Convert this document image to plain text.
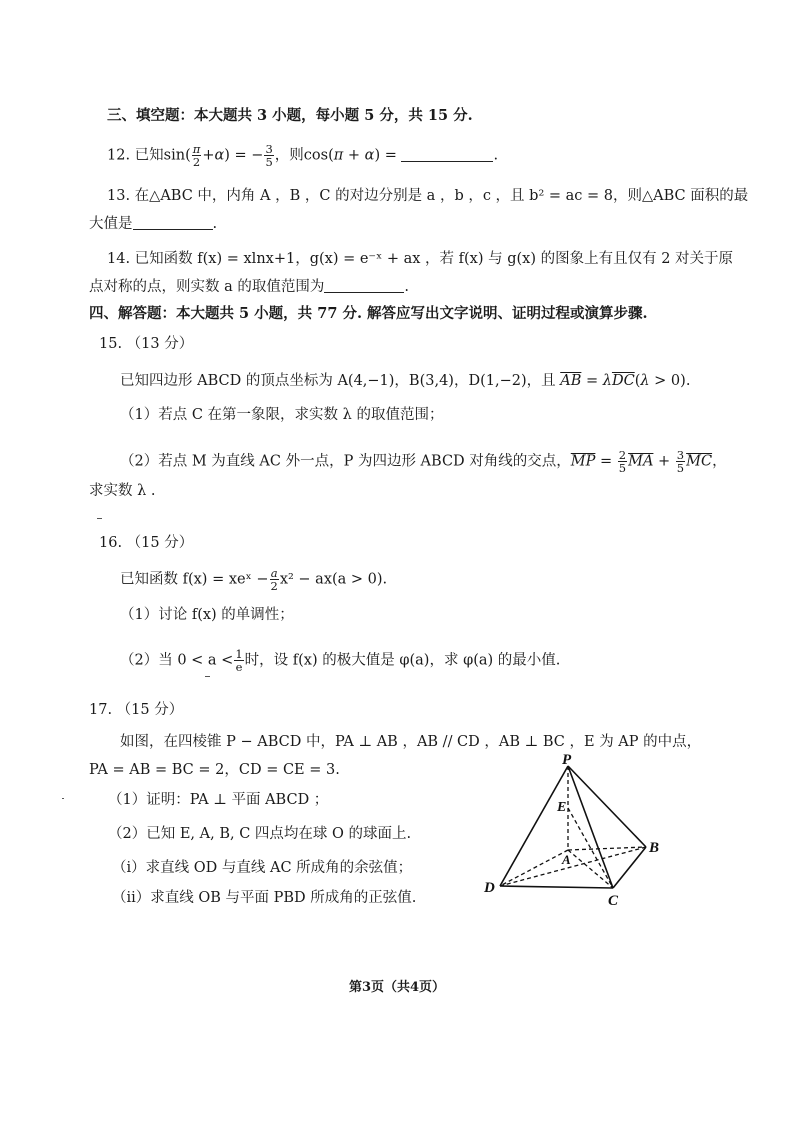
三、填空题：本大题共 3 小题，每小题 5 分，共 15 分.
12. 已知$\sin( \frac{\pi}{2} +\alpha)$ = − $\frac{3}{5}$ ，则cos(π + α) =	.
13. 在△ABC 中，内角 A ，B ，C 的对边分别是 a ，b ，c ，且 b² = ac = 8，则△ABC 面积的最
大值是	.
14. 已知函数 f(x) = xlnx+1，g(x) = e⁻ˣ + ax ，若 f(x) 与 g(x) 的图象上有且仅有 2 对关于原
点对称的点，则实数 a 的取值范围为	.
四、解答题：本大题共 5 小题，共 77 分. 解答应写出文字说明、证明过程或演算步骤.
15. （13 分）
已知四边形 ABCD 的顶点坐标为 A(4,−1)，B(3,4)，D(1,−2)，且 $\overline{AB} = \lambda\overline{DC}(\lambda > 0)$.
（1）若点 C 在第一象限，求实数 λ 的取值范围；
（2）若点 M 为直线 AC 外一点，P 为四边形 ABCD 对角线的交点，$\overline{MP} = \frac{2}{5} \overline{MA} + \frac{3}{5} \overline{MC}$，
求实数 λ .
16. （15 分）
已知函数 f(x) = xeˣ − $\frac{a}{2} x^2 - ax(a > 0)$.
（1）讨论 f(x) 的单调性；
（2）当 $0 < a < \frac{1}{e}$ 时，设 f(x) 的极大值是 φ(a)，求 φ(a) 的最小值.
17. （15 分）
如图，在四棱锥 P − ABCD 中，PA ⊥ AB ，AB // CD ，AB ⊥ BC ，E 为 AP 的中点，
PA = AB = BC = 2，CD = CE = 3.
（1）证明：PA ⊥ 平面 ABCD ；
（2）已知 E, A, B, C 四点均在球 O 的球面上.
（i）求直线 OD 与直线 AC 所成角的余弦值；
（ii）求直线 OB 与平面 PBD 所成角的正弦值.
P
E
A
B
C
D
第3页（共4页）
